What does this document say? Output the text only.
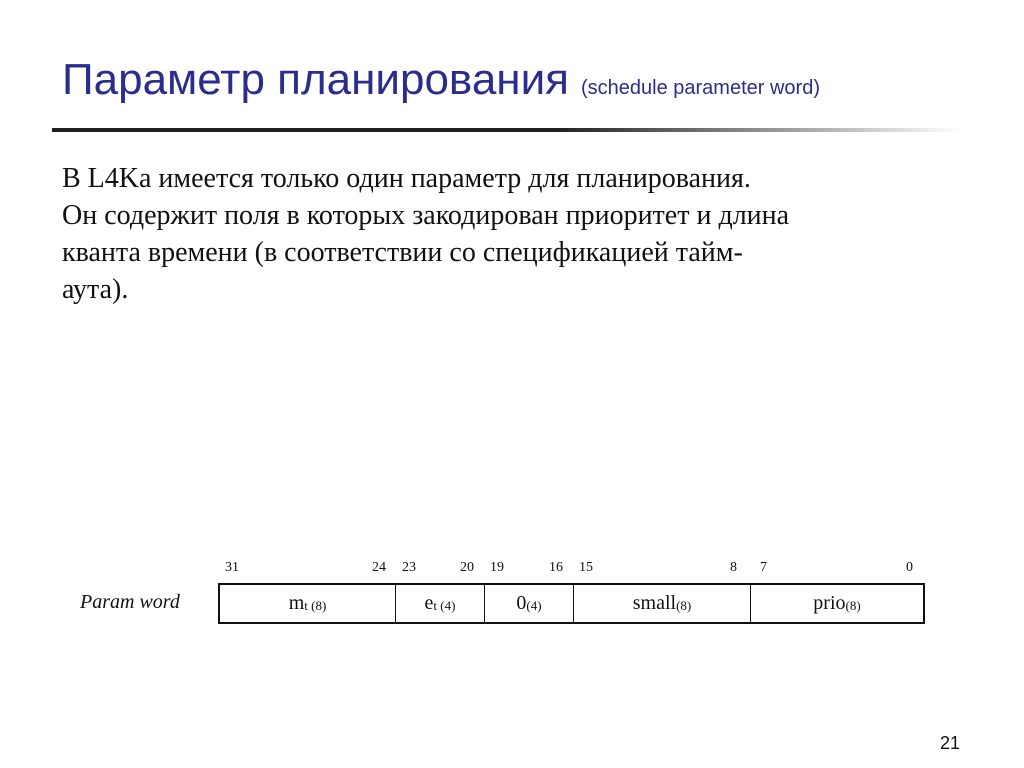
Параметр планирования (schedule parameter word)
В L4Ka имеется только один параметр для планирования.
Он содержит поля в которых закодирован приоритет и длина
кванта времени (в соответствии со спецификацией тайм-
аута).
31	24 23	20 19	16 15	8 7	0
Param word	$m_{t (8)}$	$e_{t (4)}$	$0_{(4)}$	small$_{(8)}$	prio$_{(8)}$
21
